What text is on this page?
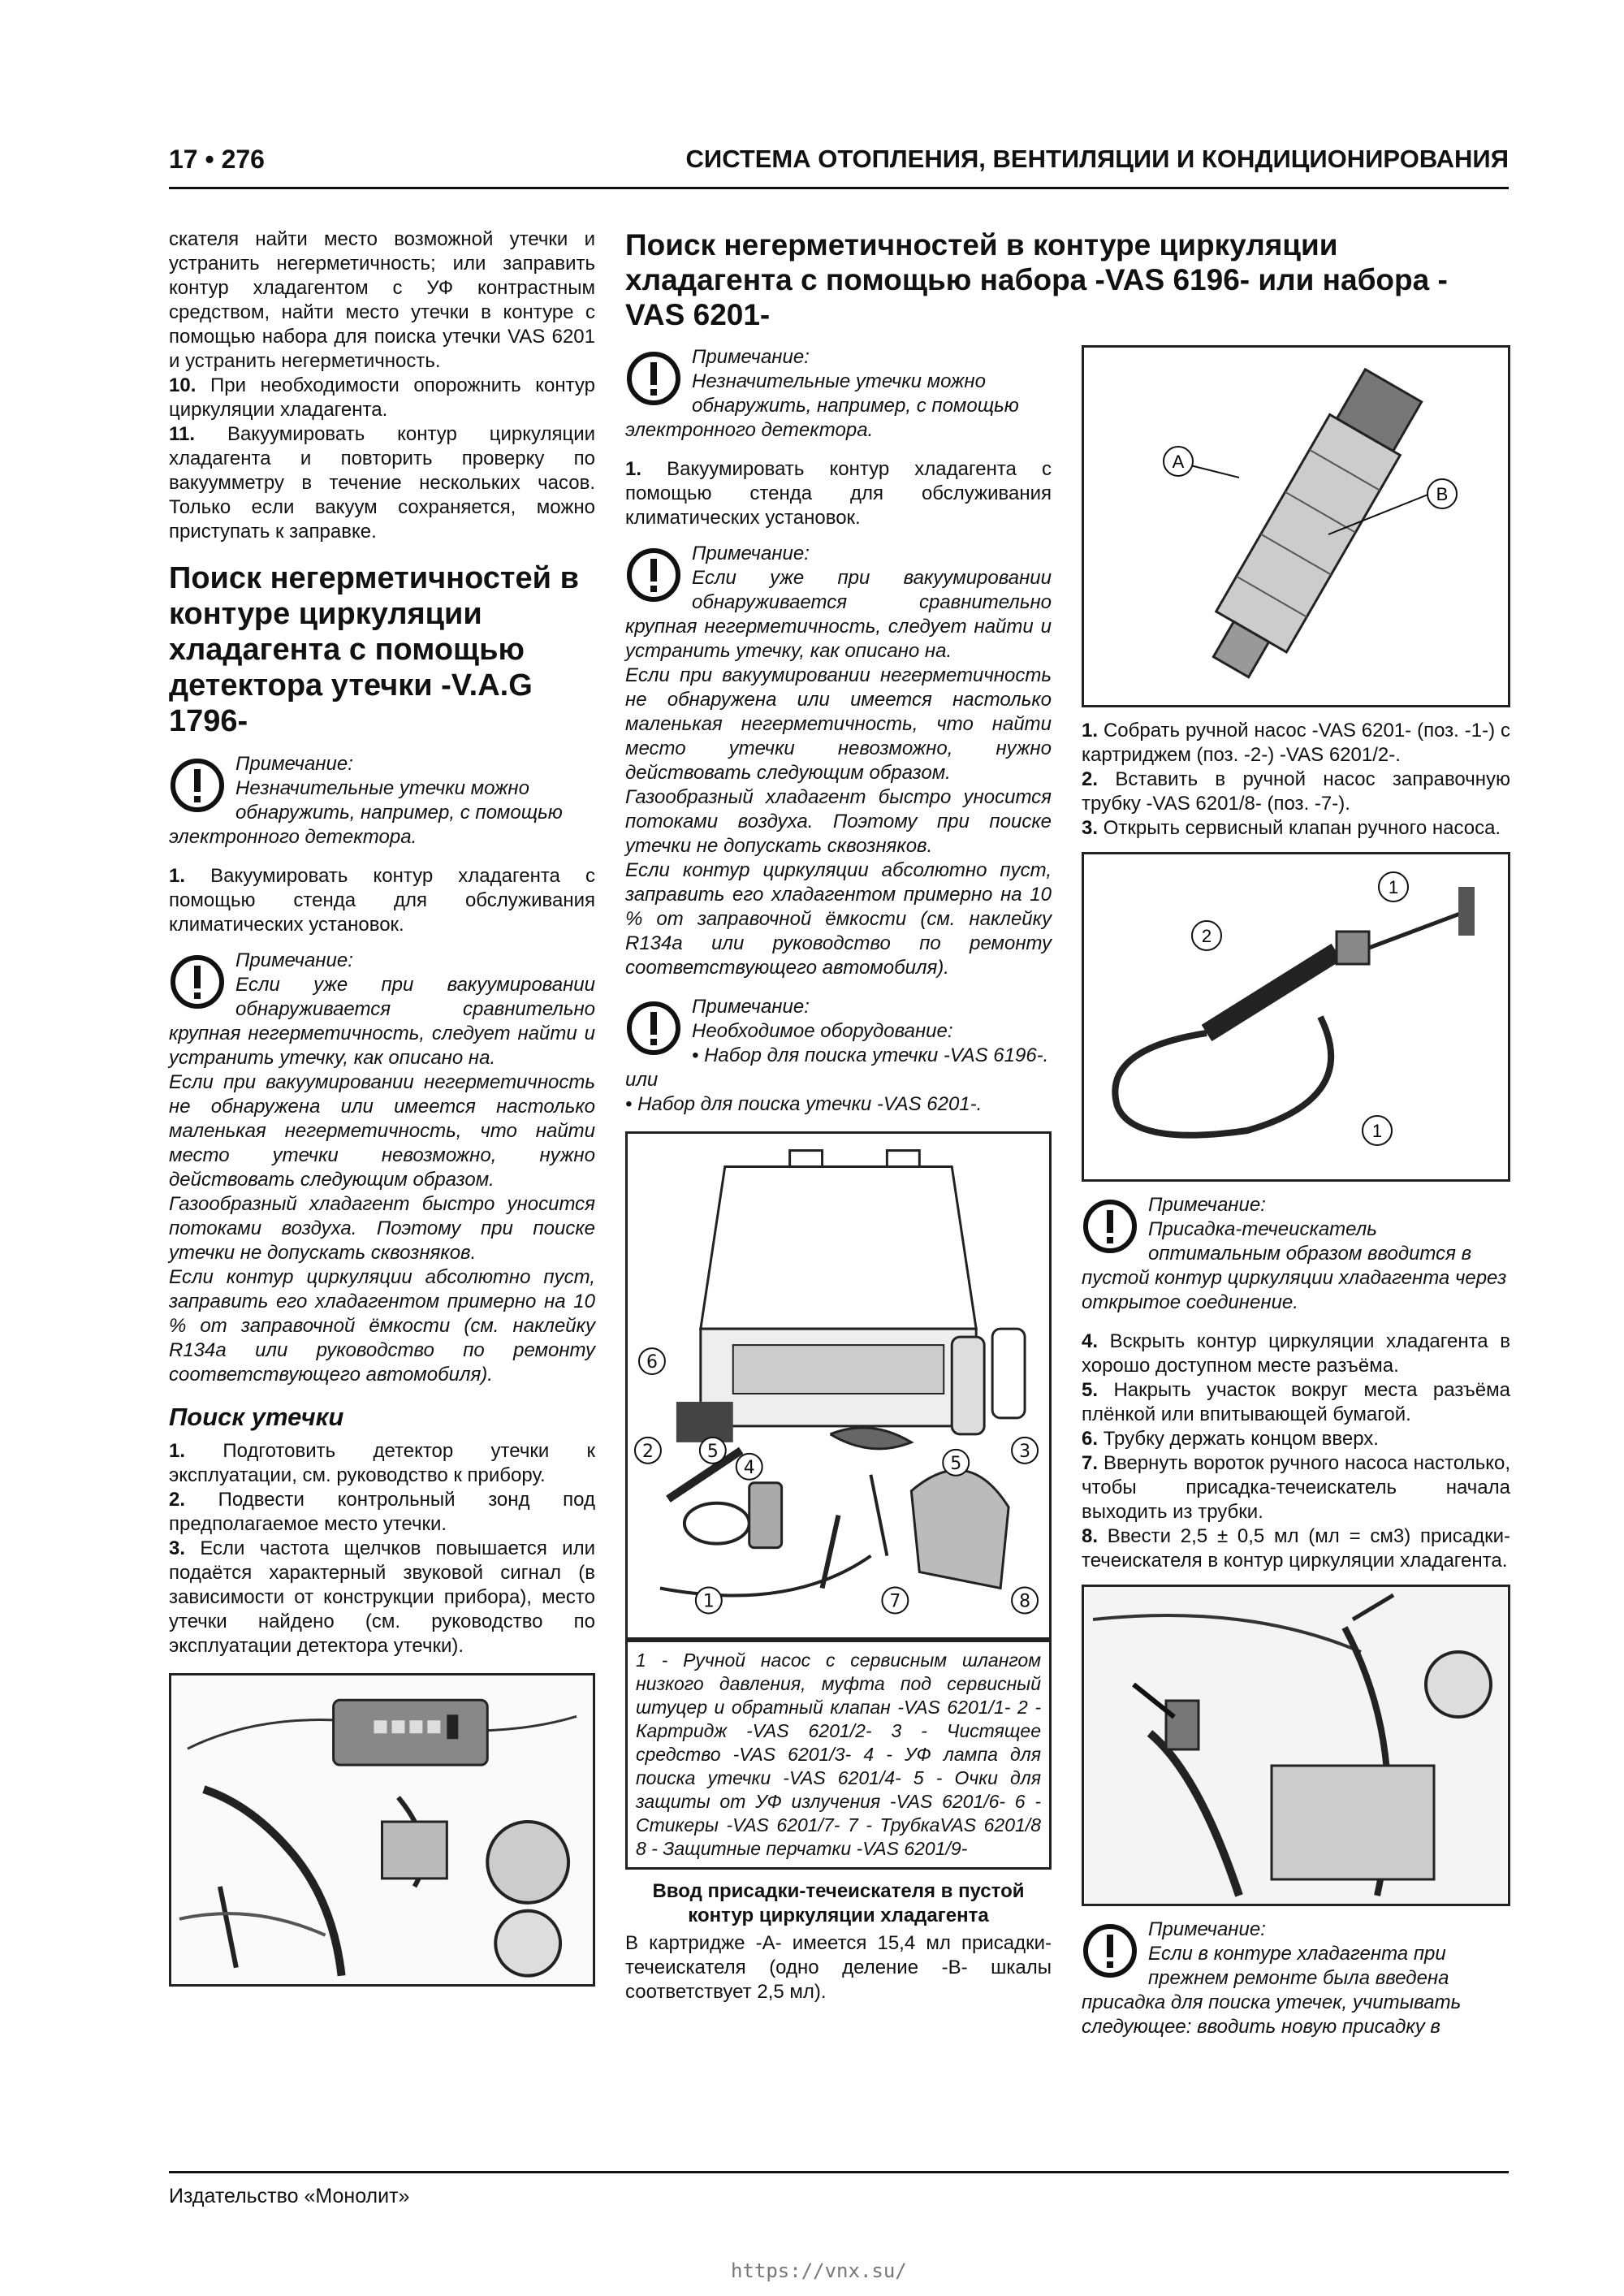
17 • 276	СИСТЕМА ОТОПЛЕНИЯ, ВЕНТИЛЯЦИИ И КОНДИЦИОНИРОВАНИЯ

скателя найти место возможной утечки и устранить негерметичность; или заправить контур хладагентом с УФ контрастным средством, найти место утечки в контуре с помощью набора для поиска утечки VAS 6201 и устранить негерметичность.

10. При необходимости опорожнить контур циркуляции хладагента.

11. Вакуумировать контур циркуляции хладагента и повторить проверку по вакуумметру в течение нескольких часов. Только если вакуум сохраняется, можно приступать к заправке.

Поиск негерметичностей в контуре циркуляции хладагента с помощью детектора утечки -V.A.G 1796-
Примечание:
Незначительные утечки можно обнаружить, например, с помощью электронного детектора.

1. Вакуумировать контур хладагента с помощью стенда для обслуживания климатических установок.

Примечание:

Если уже при вакуумировании обнаруживается сравнительно крупная негерметичность, следует найти и устранить утечку, как описано на.

Если при вакуумировании негерметичность не обнаружена или имеется настолько маленькая негерметичность, что найти место утечки невозможно, нужно действовать следующим образом.

Газообразный хладагент быстро уносится потоками воздуха. Поэтому при поиске утечки не допускать сквозняков.

Если контур циркуляции абсолютно пуст, заправить его хладагентом примерно на 10 % от заправочной ёмкости (см. наклейку R134a или руководство по ремонту соответствующего автомобиля).

Поиск утечки

1. Подготовить детектор утечки к эксплуатации, см. руководство к прибору.

2. Подвести контрольный зонд под предполагаемое место утечки.

3. Если частота щелчков повышается или подаётся характерный звуковой сигнал (в зависимости от конструкции прибора), место утечки найдено (см. руководство по эксплуатации детектора утечки).

Поиск негерметичностей в контуре циркуляции хладагента с помощью набора -VAS 6196- или набора -VAS 6201-
Примечание:
Незначительные утечки можно обнаружить, например, с помощью электронного детектора.

1. Вакуумировать контур хладагента с помощью стенда для обслуживания климатических установок.

Примечание:

Если уже при вакуумировании обнаруживается сравнительно крупная негерметичность, следует найти и устранить утечку, как описано на.

Если при вакуумировании негерметичность не обнаружена или имеется настолько маленькая негерметичность, что найти место утечки невозможно, нужно действовать следующим образом.

Газообразный хладагент быстро уносится потоками воздуха. Поэтому при поиске утечки не допускать сквозняков.

Если контур циркуляции абсолютно пуст, заправить его хладагентом примерно на 10 % от заправочной ёмкости (см. наклейку R134a или руководство по ремонту соответствующего автомобиля).

Примечание:
Необходимое оборудование:
• Набор для поиска утечки -VAS 6196-. или
• Набор для поиска утечки -VAS 6201-.
6
2	5
4
3
5
1	7	8
1 - Ручной насос с сервисным шлангом низкого давления, муфта под сервисный штуцер и обратный клапан -VAS 6201/1- 2 - Картридж -VAS 6201/2- 3 - Чистящее средство -VAS 6201/3- 4 - УФ лампа для поиска утечки -VAS 6201/4- 5 - Очки для защиты от УФ излучения -VAS 6201/6- 6 - Стикеры -VAS 6201/7- 7 - ТрубкаVAS 6201/8 8 - Защитные перчатки -VAS 6201/9-
Ввод присадки-течеискателя в пустой контур циркуляции хладагента

В картридже -А- имеется 15,4 мл присадки-течеискателя (одно деление -В- шкалы соответствует 2,5 мл).

A
B

1. Собрать ручной насос -VAS 6201- (поз. -1-) с картриджем (поз. -2-) -VAS 6201/2-.

2. Вставить в ручной насос заправочную трубку -VAS 6201/8- (поз. -7-).

3. Открыть сервисный клапан ручного насоса.

1
2
1
Примечание:
Присадка-течеискатель оптимальным образом вводится в пустой контур циркуляции хладагента через открытое соединение.

4. Вскрыть контур циркуляции хладагента в хорошо доступном месте разъёма.

5. Накрыть участок вокруг места разъёма плёнкой или впитывающей бумагой.

6. Трубку держать концом вверх.

7. Ввернуть вороток ручного насоса настолько, чтобы присадка-течеискатель начала выходить из трубки.

8. Ввести 2,5 ± 0,5 мл (мл = см3) присадки-течеискателя в контур циркуляции хладагента.

Примечание:
Если в контуре хладагента при прежнем ремонте была введена присадка для поиска утечек, учитывать следующее: вводить новую присадку в
Издательство «Монолит»
https://vnx.su/
